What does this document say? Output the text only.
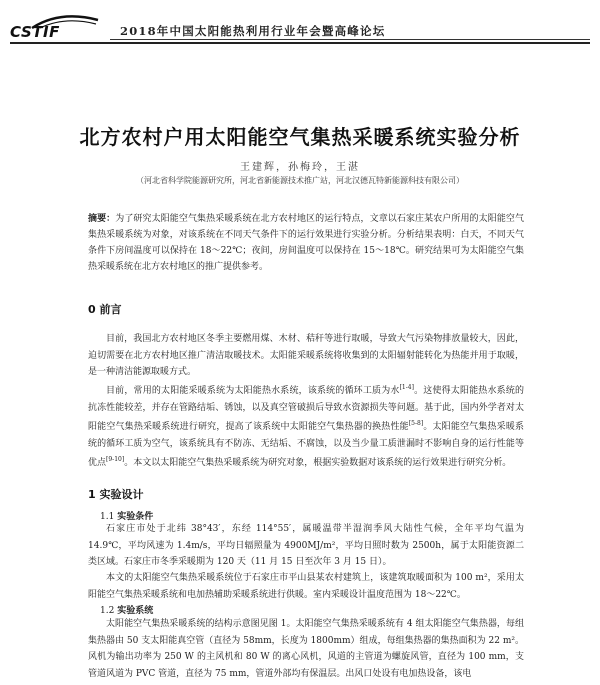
CSTIF	2018年中国太阳能热利用行业年会暨高峰论坛
北方农村户用太阳能空气集热采暖系统实验分析
王建辉，孙梅玲，王湛
（河北省科学院能源研究所，河北省新能源技术推广站，河北汉德瓦特新能源科技有限公司）
摘要：为了研究太阳能空气集热采暖系统在北方农村地区的运行特点，文章以石家庄某农户所用的太阳能空气集热采暖系统为对象，对该系统在不同天气条件下的运行效果进行实验分析。分析结果表明：白天，不同天气条件下房间温度可以保持在 18～22℃；夜间，房间温度可以保持在 15～18℃。研究结果可为太阳能空气集热采暖系统在北方农村地区的推广提供参考。
0 前言
目前，我国北方农村地区冬季主要燃用煤、木材、秸秆等进行取暖，导致大气污染物排放量较大，因此，迫切需要在北方农村地区推广清洁取暖技术。太阳能采暖系统将收集到的太阳辐射能转化为热能并用于取暖，是一种清洁能源取暖方式。
目前，常用的太阳能采暖系统为太阳能热水系统，该系统的循环工质为水[1-4]。这使得太阳能热水系统的抗冻性能较差，并存在管路结垢、锈蚀，以及真空管破损后导致水资源损失等问题。基于此，国内外学者对太阳能空气集热采暖系统进行研究，提高了该系统中太阳能空气集热器的换热性能[5-8]。太阳能空气集热采暖系统的循环工质为空气，该系统具有不防冻、无结垢、不腐蚀，以及当少量工质泄漏时不影响自身的运行性能等优点[9-10]。本文以太阳能空气集热采暖系统为研究对象，根据实验数据对该系统的运行效果进行研究分析。
1 实验设计
1.1 实验条件
石家庄市处于北纬 38°43′，东经 114°55′，属暖温带半湿润季风大陆性气候，全年平均气温为 14.9℃，平均风速为 1.4m/s，平均日辐照量为 4900MJ/m²，平均日照时数为 2500h，属于太阳能资源二类区域。石家庄市冬季采暖期为 120 天（11 月 15 日至次年 3 月 15 日）。
本文的太阳能空气集热采暖系统位于石家庄市平山县某农村建筑上，该建筑取暖面积为 100 m²，采用太阳能空气集热采暖系统和电加热辅助采暖系统进行供暖。室内采暖设计温度范围为 18～22℃。
1.2 实验系统
太阳能空气集热采暖系统的结构示意图见图 1。太阳能空气集热采暖系统有 4 组太阳能空气集热器，每组集热器由 50 支太阳能真空管（直径为 58mm，长度为 1800mm）组成，每组集热器的集热面积为 22 m²。风机为输出功率为 250 W 的主风机和 80 W 的离心风机，风道的主管道为螺旋风管，直径为 100 mm，支管道风道为 PVC 管道，直径为 75 mm，管道外部均有保温层。出风口处设有电加热设备，该电
